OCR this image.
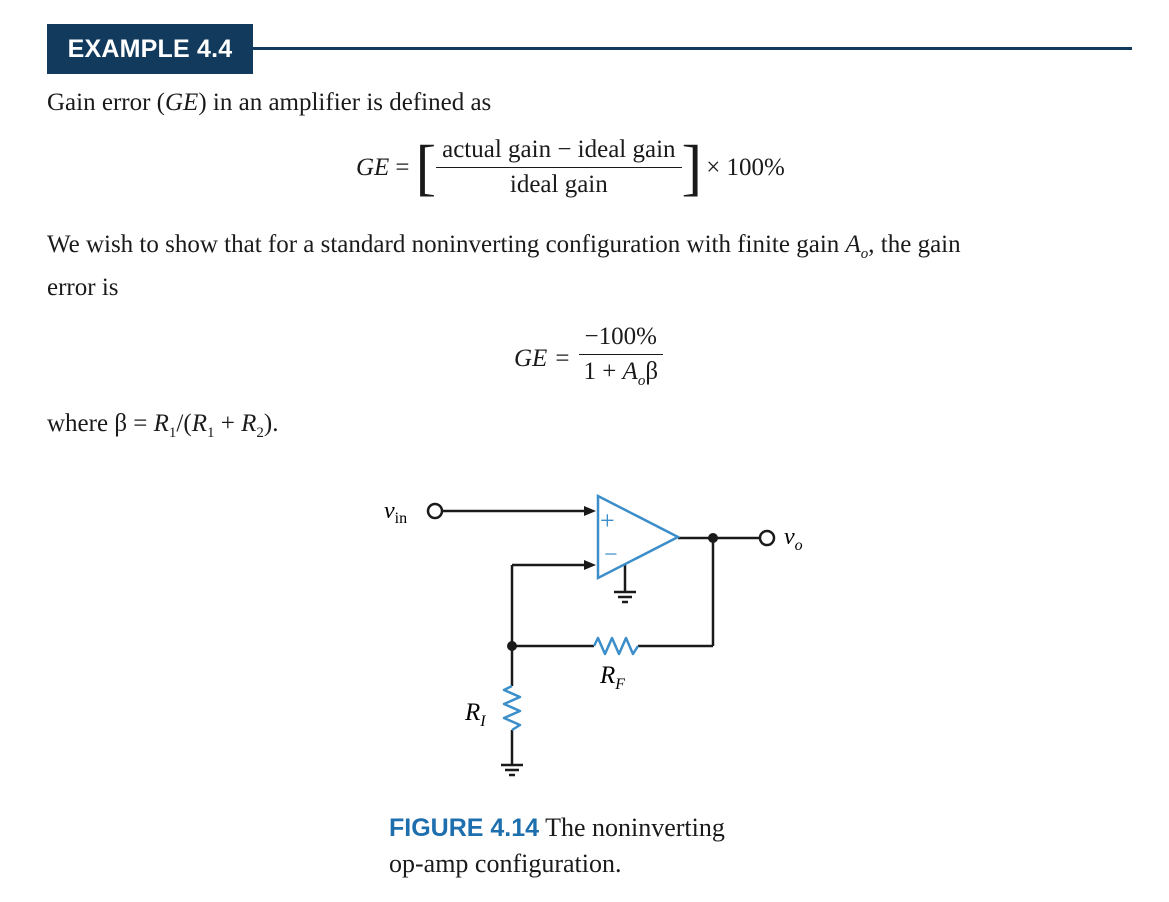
EXAMPLE 4.4
Gain error (GE) in an amplifier is defined as
GE = [ $\frac{\text{actual gain − ideal gain}}{\text{ideal gain}}$ ] × 100%
We wish to show that for a standard noninverting configuration with finite gain $A_o$, the gain
error is
GE = $\frac{-100\%}{1 + A_o\beta}$
where $\beta = R_1/(R_1 + R_2)$.
+
−
$v_{in}$
$v_o$
$R_F$
$R_I$
FIGURE 4.14 The noninverting
op-amp configuration.
